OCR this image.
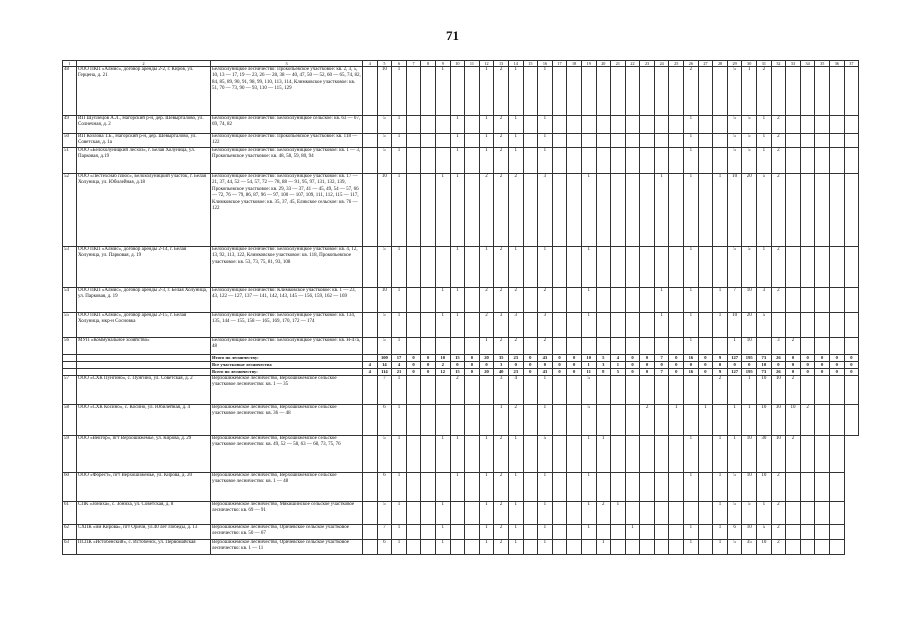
71
1	2	3	4	5	6	7	8	9	10	11	12	13	14	15	16	17	18	19	20	21	22	23	24	25	26	27	28	29	30	31	32	33	34	35	36	37
48	ООО ПКП «Алмис», договор аренды 2-2, г. Киров, ул. Герцена, д. 21	Белохолуницкое лесничество: Прокопьевское участковое: кв. 2, 3, 5, 10, 13 — 17, 19 — 23, 26 — 28, 38 — 40, 47, 50 — 52, 60 — 65, 74, 82, 84, 85, 89, 90, 91, 98, 99, 110, 113, 114, Климковское участковое: кв. 51, 70 — 73, 90 — 93, 110 — 115, 129		10	1			1			1	2	1		1										2			5	1	2						
49	ИП Шуплецов А.Л., Нагорский р-н, дер. Шевырталово, ул. Солнечная, д. 2	Белохолуницкое лесничество: Белохолуницкое сельское: кв. 63 — 67, 69, 74, 82		5	1				1		1	2	1		1										1			5	5	1	2					
50	ИП Козлова Т.Б., Нагорский р-н, дер. Шевырталово, ул. Советская, д. 1а	Белохолуницкое лесничество: Прокопьевское участковое: кв. 118 — 122		5	1				1		1	2	1		1										1			5	5	1	2					
51	ООО «Белохолуницкий лесхоз», г. Белая Холуница, ул. Парковая, д.19	Белохолуницкое лесничество: Белохолуницкое участковое: кв. 1 — 3, Прокопьевское участковое: кв. 48, 58, 59, 80, 94		5	1				1		1	2	1		1										1			5	5	1	2					
52	ООО «Лестехснаб плюс», Белохолуницкий участок, г. Белая Холуница, ул. Юбилейная, д.18	Белохолуницкое лесничество: Белохолуницкое участковое: кв. 17 — 21, 37, 44, 52 — 54, 57, 72 — 78, 88 — 91, 95, 97, 131, 132, 139, Прокопьевское участковое: кв. 29, 33 — 37, 41 — 45, 49, 54 — 57, 66 — 72, 76 — 79, 86, 87, 96 — 97, 100 — 107, 109, 111, 112, 115 — 117, Климковское участковое: кв. 35, 37, 45, Еликское сельское: кв. 76 — 122		10	1			1	1		2	2	2		3			1					1		1		1	10	20	5	2					
53	ООО ПКП «Алмис», договор аренды 2-14, г. Белая Холуница, ул. Парковая, д. 19	Белохолуницкое лесничество: Белохолуницкое участковое: кв. 4, 12, 13, 92, 113, 122, Климковское участковое: кв. 118, Прокопьевское участковое: кв. 53, 73, 75, 81, 93, 108		5	1				1		1	2	1		1			1							1			5	5	1	2					
54	ООО ПКП «Алмис», договор аренды 2-3, г. Белая Холуница, ул. Парковая, д. 19	Белохолуницкое лесничество: Климковское участковое: кв. 1 — 23, 43, 122 — 127, 137 — 141, 142, 143, 145 — 156, 159, 162 — 169		10	1			1	1		2	2	2		2			1					1		1		1	7	10	3	2					
55	ООО ПКП «Алмис», договор аренды 2-15, г. Белая Холуница, мкр-н Сосновка	Белохолуницкое лесничество: Белохолуницкое участковое: кв. 134, 135, 144 — 155, 158 — 165, 169, 170, 172 — 174		5	1			1	1		2	3	3		3			1					1		1		1	10	20	5						
56	МУП «Коммунальное хозяйство»	Белохолуницкое лесничество: Белохолуницкое участковое: кв. Н-47а, 48		5	1						1	2	2		2										1			1	10		3	2				
		Итого по лесничеству:		100	17	0	0	10	15	0	20	35	23	0	43	0	0	10	5	4	0	0	7	0	16	0	9	127	195	73	26	0	0	0	0	0
		Все участковые лесничества	4	14	4	0	0	2	0	0	0	3	0	0	0	0	0	1	3	1	0	0	0	0	0	0	0	0	0	10	0	0	0	0	0	0
		Всего по лесничеству:	4	114	21	0	0	12	15	0	20	40	23	0	43	0	0	11	8	5	0	0	7	0	16	0	9	127	195	73	26	0	0	0	0	0
57	ООО «СХК Пунгино», с. Пунгино, ул. Советская, д. 2	Верхошижемское лесничество, Верхошижемское сельское участковое лесничество: кв. 1 — 35		7	1				2			3	4		1			5									2		1	10	10	2				
58	ООО «СХК Косино», с. Косино, ул. Юбилейная, д. 4	Верхошижемское лесничество, Верхошижемское сельское участковое лесничество: кв. 36 — 48		6	1							1	2		1			5				2		1		1		1	1	10	30	10	2			
59	ООО «Вектор», пгт Верхошижемье, ул. Кирова, д. 29	Верхошижемское лесничество, Верхошижемское сельское участковое лесничество: кв. 49, 52 — 58, 63 — 68, 73, 75, 76		5	1			1	1		1	2	1		5			1	1						1		1	1	10	30	10	2				
60	ООО «Форест», пгт Верхошижемье, ул. Кирова, д. 20	Верхошижемское лесничество, Верхошижемское сельское участковое лесничество: кв. 1 — 48		6	1				1		1	2	1		1			1							1		1	5	10	10	2					
61	СПК «Зониха», с. Зониха, ул. Советская, д. 8	Верхошижемское лесничество, Мякишинское сельское участковое лесничество: кв. 69 — 91		5	1			1			1	2	1		1			1	2	1							1	5	5	1	2					
62	СХПК «им Кирова», пгт Оричи, ул.40 лет Победы, д. 13	Верхошижемское лесничество, Оричевское сельское участковое лесничество: кв. 50 — 67		7	1			1			1	2	1		1			1			1				1		1	6	10	5	2					
63	ПСПК «Истобенский», с. Истобенск, ул. Первомайская	Верхошижемское лесничество, Оричевское сельское участковое лесничество: кв. 1 — 11		6	1			1			1	2	1		1				1						1		1	5	35	10	2					
